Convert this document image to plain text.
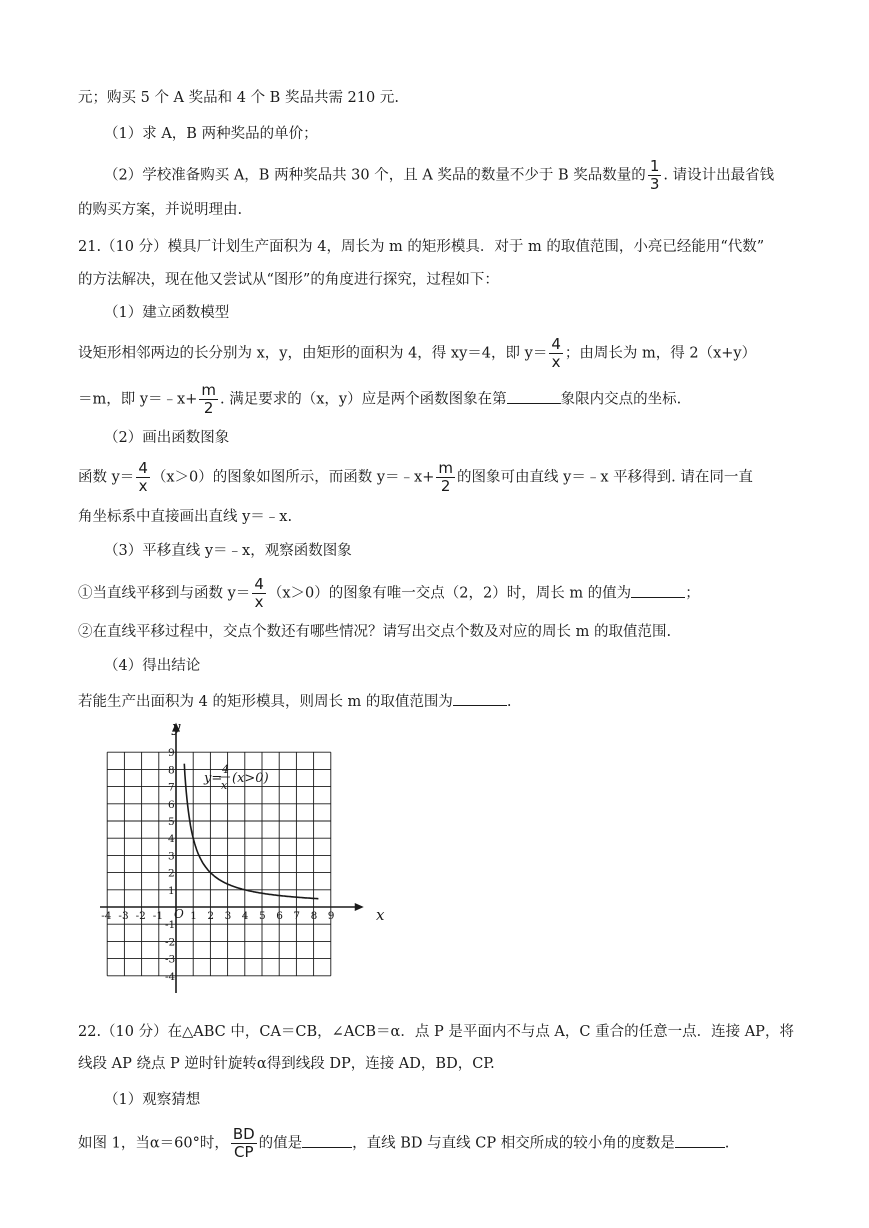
元；购买 5 个 A 奖品和 4 个 B 奖品共需 210 元.
（1）求 A，B 两种奖品的单价；
（2）学校准备购买 A，B 两种奖品共 30 个，且 A 奖品的数量不少于 B 奖品数量的 $\frac{1}{3}$ . 请设计出最省钱
的购买方案，并说明理由.
21.（10 分）模具厂计划生产面积为 4，周长为 m 的矩形模具．对于 m 的取值范围，小亮已经能用“代数”
的方法解决，现在他又尝试从“图形”的角度进行探究，过程如下：
（1）建立函数模型
设矩形相邻两边的长分别为 x，y，由矩形的面积为 4，得 xy＝4，即 $y= \frac{4}{x}$ ；由周长为 m，得 2（x+y）
＝m，即 y＝﹣x+ $\frac{m}{2}$ . 满足要求的（x，y）应是两个函数图象在第	象限内交点的坐标.
（2）画出函数图象
函数 $y= \frac{4}{x} (x>0)$的图象如图所示，而函数 y＝﹣x+ $\frac{m}{2}$ 的图象可由直线 y＝﹣x 平移得到. 请在同一直
角坐标系中直接画出直线 y＝﹣x.
（3）平移直线 y＝﹣x，观察函数图象
①当直线平移到与函数 $y= \frac{4}{x} (x>0)$的图象有唯一交点（2，2）时，周长 m 的值为	；
②在直线平移过程中，交点个数还有哪些情况？请写出交点个数及对应的周长 m 的取值范围.
（4）得出结论
若能生产出面积为 4 的矩形模具，则周长 m 的取值范围为	.
-4 -3 -2 -1	1 2 3 4 5 6 7 8 9
9
8
7
6
5
4
3
2
1
-1
-2
-3
-4
y
x
O
y=
4
x (x>0)
22.（10 分）在△ABC 中，CA＝CB，∠ACB＝α．点 P 是平面内不与点 A，C 重合的任意一点．连接 AP，将
线段 AP 绕点 P 逆时针旋转α得到线段 DP，连接 AD，BD，CP.
（1）观察猜想
如图 1，当α＝60°时， $\frac{BD}{CP}$ 的值是	，直线 BD 与直线 CP 相交所成的较小角的度数是	.
